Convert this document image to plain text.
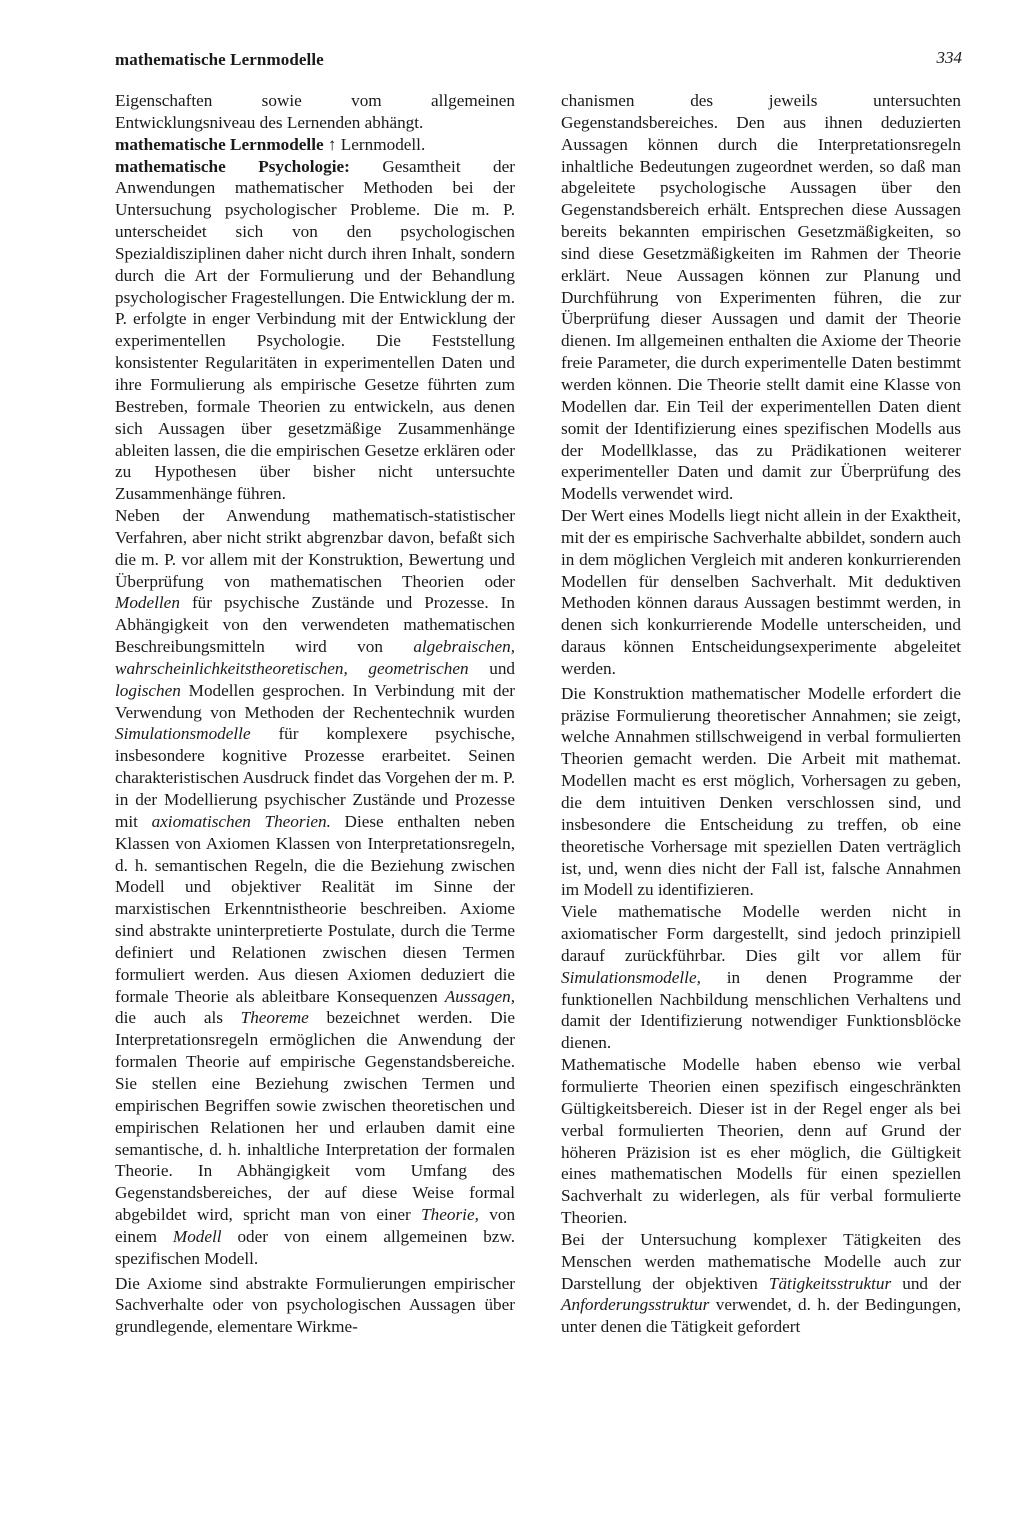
mathematische Lernmodelle	334

Eigenschaften sowie vom allgemeinen Entwicklungsniveau des Lernenden abhängt.

mathematische Lernmodelle ↑ Lernmodell.

mathematische Psychologie: Gesamtheit der Anwendungen mathematischer Methoden bei der Untersuchung psychologischer Probleme. Die m. P. unterscheidet sich von den psychologischen Spezialdisziplinen daher nicht durch ihren Inhalt, sondern durch die Art der Formulierung und der Behandlung psychologischer Fragestellungen. Die Entwicklung der m. P. erfolgte in enger Verbindung mit der Entwicklung der experimentellen Psychologie. Die Feststellung konsistenter Regularitäten in experimentellen Daten und ihre Formulierung als empirische Gesetze führten zum Bestreben, formale Theorien zu entwickeln, aus denen sich Aussagen über gesetzmäßige Zusammenhänge ableiten lassen, die die empirischen Gesetze erklären oder zu Hypothesen über bisher nicht untersuchte Zusammenhänge führen.

Neben der Anwendung mathematisch-statistischer Verfahren, aber nicht strikt abgrenzbar davon, befaßt sich die m. P. vor allem mit der Konstruktion, Bewertung und Überprüfung von mathematischen Theorien oder Modellen für psychische Zustände und Prozesse. In Abhängigkeit von den verwendeten mathematischen Beschreibungsmitteln wird von algebraischen, wahrscheinlichkeitstheoretischen, geometrischen und logischen Modellen gesprochen. In Verbindung mit der Verwendung von Methoden der Rechentechnik wurden Simulationsmodelle für komplexere psychische, insbesondere kognitive Prozesse erarbeitet. Seinen charakteristischen Ausdruck findet das Vorgehen der m. P. in der Modellierung psychischer Zustände und Prozesse mit axiomatischen Theorien. Diese enthalten neben Klassen von Axiomen Klassen von Interpretationsregeln, d. h. semantischen Regeln, die die Beziehung zwischen Modell und objektiver Realität im Sinne der marxistischen Erkenntnistheorie beschreiben. Axiome sind abstrakte uninterpretierte Postulate, durch die Terme definiert und Relationen zwischen diesen Termen formuliert werden. Aus diesen Axiomen deduziert die formale Theorie als ableitbare Konsequenzen Aussagen, die auch als Theoreme bezeichnet werden. Die Interpretationsregeln ermöglichen die Anwendung der formalen Theorie auf empirische Gegenstandsbereiche. Sie stellen eine Beziehung zwischen Termen und empirischen Begriffen sowie zwischen theoretischen und empirischen Relationen her und erlauben damit eine semantische, d. h. inhaltliche Interpretation der formalen Theorie. In Abhängigkeit vom Umfang des Gegenstandsbereiches, der auf diese Weise formal abgebildet wird, spricht man von einer Theorie, von einem Modell oder von einem allgemeinen bzw. spezifischen Modell.

Die Axiome sind abstrakte Formulierungen empirischer Sachverhalte oder von psychologischen Aussagen über grundlegende, elementare Wirkme-

chanismen des jeweils untersuchten Gegenstandsbereiches. Den aus ihnen deduzierten Aussagen können durch die Interpretationsregeln inhaltliche Bedeutungen zugeordnet werden, so daß man abgeleitete psychologische Aussagen über den Gegenstandsbereich erhält. Entsprechen diese Aussagen bereits bekannten empirischen Gesetzmäßigkeiten, so sind diese Gesetzmäßigkeiten im Rahmen der Theorie erklärt. Neue Aussagen können zur Planung und Durchführung von Experimenten führen, die zur Überprüfung dieser Aussagen und damit der Theorie dienen. Im allgemeinen enthalten die Axiome der Theorie freie Parameter, die durch experimentelle Daten bestimmt werden können. Die Theorie stellt damit eine Klasse von Modellen dar. Ein Teil der experimentellen Daten dient somit der Identifizierung eines spezifischen Modells aus der Modellklasse, das zu Prädikationen weiterer experimenteller Daten und damit zur Überprüfung des Modells verwendet wird.

Der Wert eines Modells liegt nicht allein in der Exaktheit, mit der es empirische Sachverhalte abbildet, sondern auch in dem möglichen Vergleich mit anderen konkurrierenden Modellen für denselben Sachverhalt. Mit deduktiven Methoden können daraus Aussagen bestimmt werden, in denen sich konkurrierende Modelle unterscheiden, und daraus können Entscheidungsexperimente abgeleitet werden.

Die Konstruktion mathematischer Modelle erfordert die präzise Formulierung theoretischer Annahmen; sie zeigt, welche Annahmen stillschweigend in verbal formulierten Theorien gemacht werden. Die Arbeit mit mathemat. Modellen macht es erst möglich, Vorhersagen zu geben, die dem intuitiven Denken verschlossen sind, und insbesondere die Entscheidung zu treffen, ob eine theoretische Vorhersage mit speziellen Daten verträglich ist, und, wenn dies nicht der Fall ist, falsche Annahmen im Modell zu identifizieren.

Viele mathematische Modelle werden nicht in axiomatischer Form dargestellt, sind jedoch prinzipiell darauf zurückführbar. Dies gilt vor allem für Simulationsmodelle, in denen Programme der funktionellen Nachbildung menschlichen Verhaltens und damit der Identifizierung notwendiger Funktionsblöcke dienen.

Mathematische Modelle haben ebenso wie verbal formulierte Theorien einen spezifisch eingeschränkten Gültigkeitsbereich. Dieser ist in der Regel enger als bei verbal formulierten Theorien, denn auf Grund der höheren Präzision ist es eher möglich, die Gültigkeit eines mathematischen Modells für einen speziellen Sachverhalt zu widerlegen, als für verbal formulierte Theorien.

Bei der Untersuchung komplexer Tätigkeiten des Menschen werden mathematische Modelle auch zur Darstellung der objektiven Tätigkeitsstruktur und der Anforderungsstruktur verwendet, d. h. der Bedingungen, unter denen die Tätigkeit gefordert
